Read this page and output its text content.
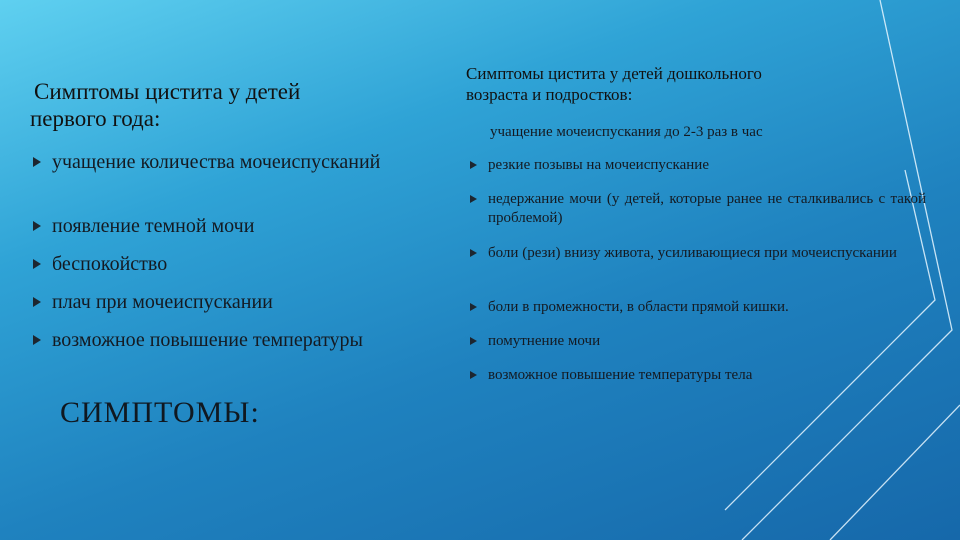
Симптомы цистита у детей
первого года:
учащение количества мочеиспусканий
появление темной мочи
беспокойство
плач при мочеиспускании
возможное повышение температуры
СИМПТОМЫ:
Симптомы цистита у детей дошкольного
возраста и подростков:
учащение мочеиспускания до 2-3 раз в час
резкие позывы на мочеиспускание
недержание мочи (у детей, которые ранее не сталкивались с такой проблемой)
боли (рези) внизу живота, усиливающиеся при мочеиспускании
боли в промежности, в области прямой кишки.
помутнение мочи
возможное повышение температуры тела
